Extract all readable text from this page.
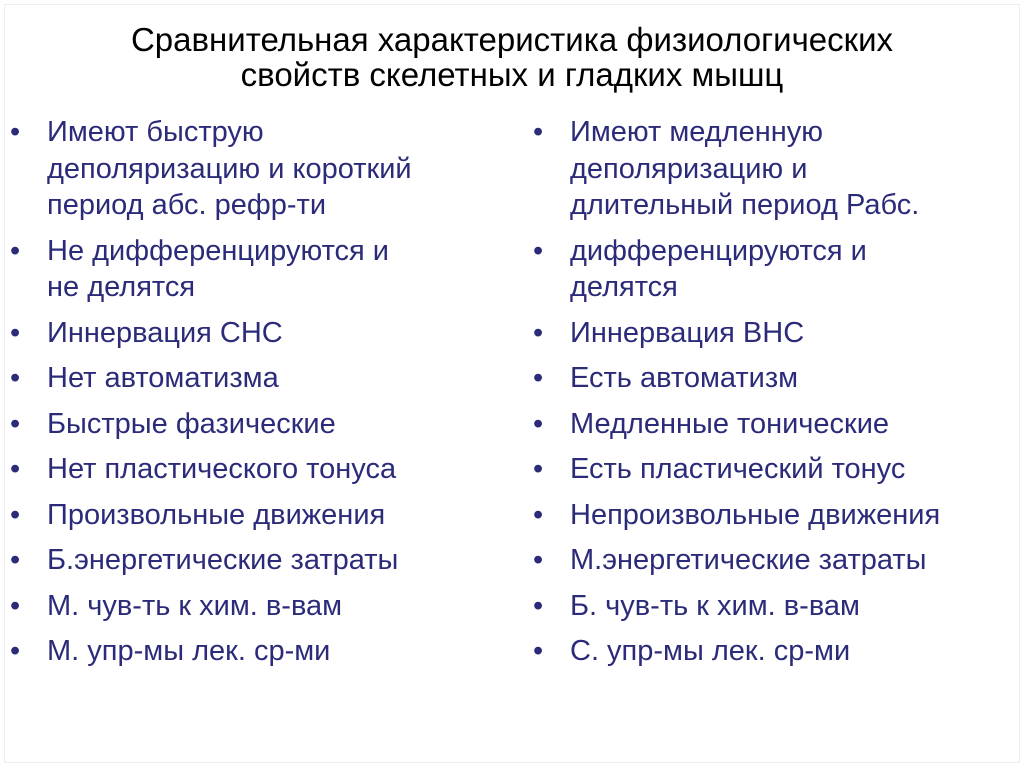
Сравнительная характеристика физиологических
свойств скелетных и гладких мышц
• Имеют быструю
деполяризацию и короткий
период абс. рефр-ти
• Не дифференцируются и
не делятся
• Иннервация СНС
• Нет автоматизма
• Быстрые фазические
• Нет пластического тонуса
• Произвольные движения
• Б.энергетические затраты
• М. чув-ть к хим. в-вам
• М. упр-мы лек. ср-ми
• Имеют медленную
деполяризацию и
длительный период Рабс.
• дифференцируются и
делятся
• Иннервация ВНС
• Есть автоматизм
• Медленные тонические
• Есть пластический тонус
• Непроизвольные движения
• М.энергетические затраты
• Б. чув-ть к хим. в-вам
• С. упр-мы лек. ср-ми
